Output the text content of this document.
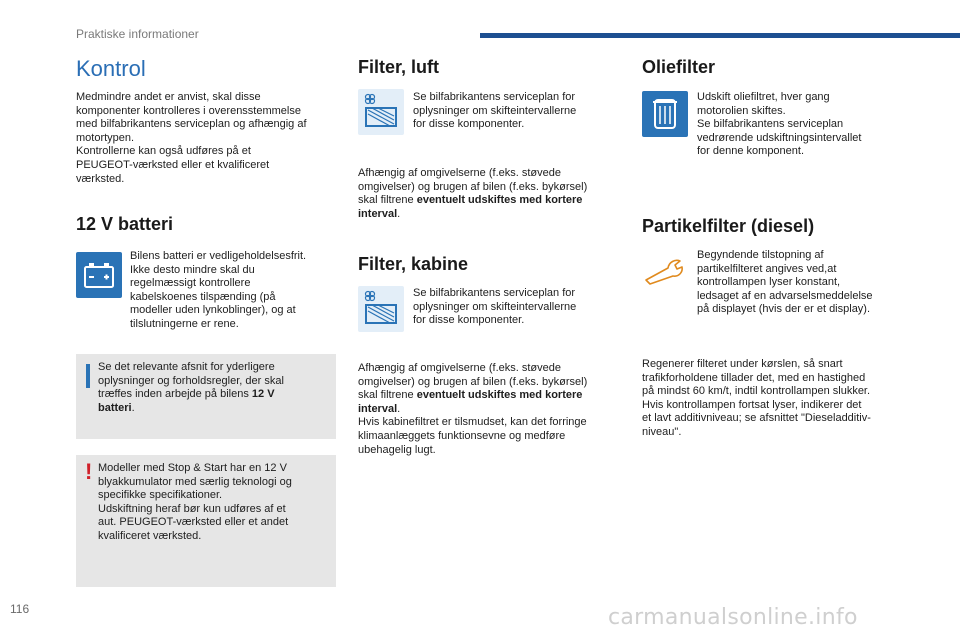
Praktiske informationer
Kontrol

Medmindre andet er anvist, skal disse
komponenter kontrolleres i overensstemmelse
med bilfabrikantens serviceplan og afhængig af
motortypen.
Kontrollerne kan også udføres på et
PEUGEOT-værksted eller et kvalificeret
værksted.

12 V batteri
Bilens batteri er vedligeholdelsesfrit.
Ikke desto mindre skal du
regelmæssigt kontrollere
kabelskoenes tilspænding (på
modeller uden lynkoblinger), og at
tilslutningerne er rene.
Se det relevante afsnit for yderligere
oplysninger og forholdsregler, der skal
træffes inden arbejde på bilens 12 V
batteri.
! Modeller med Stop & Start har en 12 V
blyakkumulator med særlig teknologi og
specifikke specifikationer.
Udskiftning heraf bør kun udføres af et
aut. PEUGEOT-værksted eller et andet
kvalificeret værksted.
Filter, luft
Se bilfabrikantens serviceplan for
oplysninger om skifteintervallerne
for disse komponenter.

Afhængig af omgivelserne (f.eks. støvede
omgivelser) og brugen af bilen (f.eks. bykørsel)
skal filtrene eventuelt udskiftes med kortere
interval.

Filter, kabine
Se bilfabrikantens serviceplan for
oplysninger om skifteintervallerne
for disse komponenter.

Afhængig af omgivelserne (f.eks. støvede
omgivelser) og brugen af bilen (f.eks. bykørsel)
skal filtrene eventuelt udskiftes med kortere
interval.
Hvis kabinefiltret er tilsmudset, kan det forringe
klimaanlæggets funktionsevne og medføre
ubehagelig lugt.

Oliefilter
Udskift oliefiltret, hver gang
motorolien skiftes.
Se bilfabrikantens serviceplan
vedrørende udskiftningsintervallet
for denne komponent.
Partikelfilter (diesel)
Begyndende tilstopning af
partikelfilteret angives ved,at
kontrollampen lyser konstant,
ledsaget af en advarselsmeddelelse
på displayet (hvis der er et display).

Regenerer filteret under kørslen, så snart
trafikforholdene tillader det, med en hastighed
på mindst 60 km/t, indtil kontrollampen slukker.
Hvis kontrollampen fortsat lyser, indikerer det
et lavt additivniveau; se afsnittet "Dieseladditiv-
niveau".

116	carmanualsonline.info
